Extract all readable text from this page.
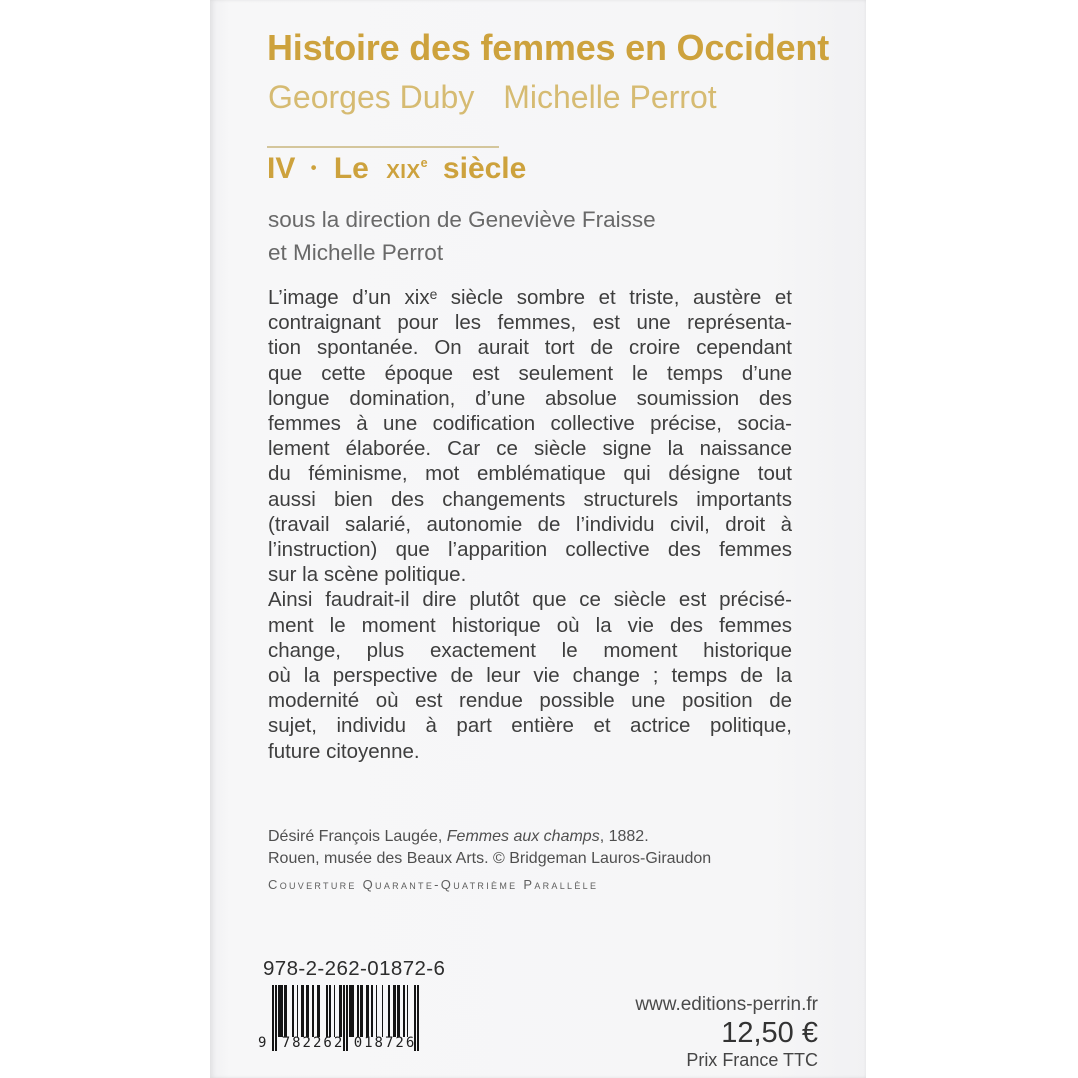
Histoire des femmes en Occident
Georges Duby Michelle Perrot
IV • Le XIXe siècle
sous la direction de Geneviève Fraisse
et Michelle Perrot
L’image d’un xixᵉ siècle sombre et triste, austère et
contraignant pour les femmes, est une représenta-
tion spontanée. On aurait tort de croire cependant
que cette époque est seulement le temps d’une
longue domination, d’une absolue soumission des
femmes à une codification collective précise, socia-
lement élaborée. Car ce siècle signe la naissance
du féminisme, mot emblématique qui désigne tout
aussi bien des changements structurels importants
(travail salarié, autonomie de l’individu civil, droit à
l’instruction) que l’apparition collective des femmes
sur la scène politique.
Ainsi faudrait-il dire plutôt que ce siècle est précisé-
ment le moment historique où la vie des femmes
change, plus exactement le moment historique
où la perspective de leur vie change ; temps de la
modernité où est rendue possible une position de
sujet, individu à part entière et actrice politique,
future citoyenne.
Désiré François Laugée, Femmes aux champs, 1882.
Rouen, musée des Beaux Arts. © Bridgeman Lauros-Giraudon
Couverture Quarante-Quatrième Parallèle
978-2-262-01872-6
9 782262 018726
www.editions-perrin.fr
12,50 €
Prix France TTC
